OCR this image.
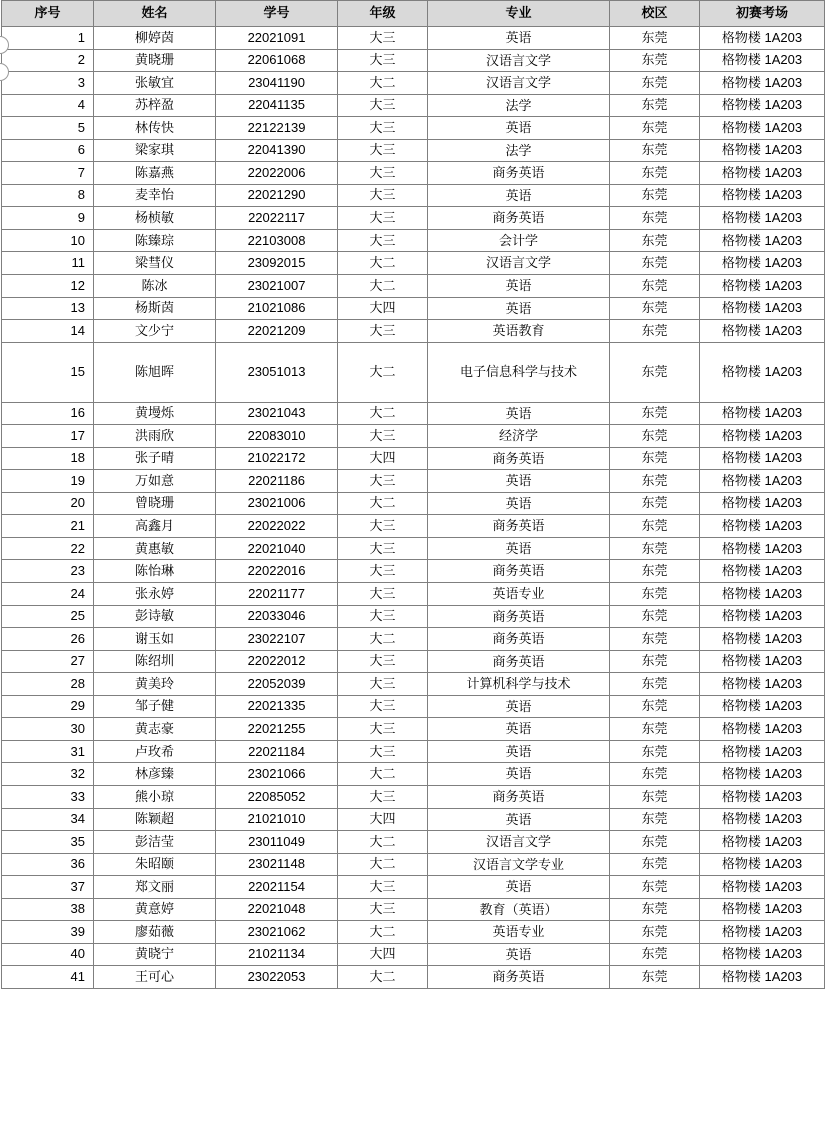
序号	姓名	学号	年级	专业	校区	初赛考场
1	柳婷茵	22021091	大三	英语	东莞	格物楼 1A203
2	黄晓珊	22061068	大三	汉语言文学	东莞	格物楼 1A203
3	张敏宜	23041190	大二	汉语言文学	东莞	格物楼 1A203
4	苏梓盈	22041135	大三	法学	东莞	格物楼 1A203
5	林传快	22122139	大三	英语	东莞	格物楼 1A203
6	梁家琪	22041390	大三	法学	东莞	格物楼 1A203
7	陈嘉燕	22022006	大三	商务英语	东莞	格物楼 1A203
8	麦幸怡	22021290	大三	英语	东莞	格物楼 1A203
9	杨桢敏	22022117	大三	商务英语	东莞	格物楼 1A203
10	陈臻琮	22103008	大三	会计学	东莞	格物楼 1A203
11	梁彗仪	23092015	大二	汉语言文学	东莞	格物楼 1A203
12	陈冰	23021007	大二	英语	东莞	格物楼 1A203
13	杨斯茵	21021086	大四	英语	东莞	格物楼 1A203
14	文少宁	22021209	大三	英语教育	东莞	格物楼 1A203
15	陈旭晖	23051013	大二	电子信息科学与技术	东莞	格物楼 1A203
16	黄墁烁	23021043	大二	英语	东莞	格物楼 1A203
17	洪雨欣	22083010	大三	经济学	东莞	格物楼 1A203
18	张子晴	21022172	大四	商务英语	东莞	格物楼 1A203
19	万如意	22021186	大三	英语	东莞	格物楼 1A203
20	曾晓珊	23021006	大二	英语	东莞	格物楼 1A203
21	高鑫月	22022022	大三	商务英语	东莞	格物楼 1A203
22	黄惠敏	22021040	大三	英语	东莞	格物楼 1A203
23	陈怡琳	22022016	大三	商务英语	东莞	格物楼 1A203
24	张永婷	22021177	大三	英语专业	东莞	格物楼 1A203
25	彭诗敏	22033046	大三	商务英语	东莞	格物楼 1A203
26	谢玉如	23022107	大二	商务英语	东莞	格物楼 1A203
27	陈绍圳	22022012	大三	商务英语	东莞	格物楼 1A203
28	黄美玲	22052039	大三	计算机科学与技术	东莞	格物楼 1A203
29	邹子健	22021335	大三	英语	东莞	格物楼 1A203
30	黄志豪	22021255	大三	英语	东莞	格物楼 1A203
31	卢玫希	22021184	大三	英语	东莞	格物楼 1A203
32	林彦臻	23021066	大二	英语	东莞	格物楼 1A203
33	熊小琼	22085052	大三	商务英语	东莞	格物楼 1A203
34	陈颖超	21021010	大四	英语	东莞	格物楼 1A203
35	彭洁莹	23011049	大二	汉语言文学	东莞	格物楼 1A203
36	朱昭颐	23021148	大二	汉语言文学专业	东莞	格物楼 1A203
37	郑文丽	22021154	大三	英语	东莞	格物楼 1A203
38	黄意婷	22021048	大三	教育（英语）	东莞	格物楼 1A203
39	廖茹薇	23021062	大二	英语专业	东莞	格物楼 1A203
40	黄晓宁	21021134	大四	英语	东莞	格物楼 1A203
41	王可心	23022053	大二	商务英语	东莞	格物楼 1A203
